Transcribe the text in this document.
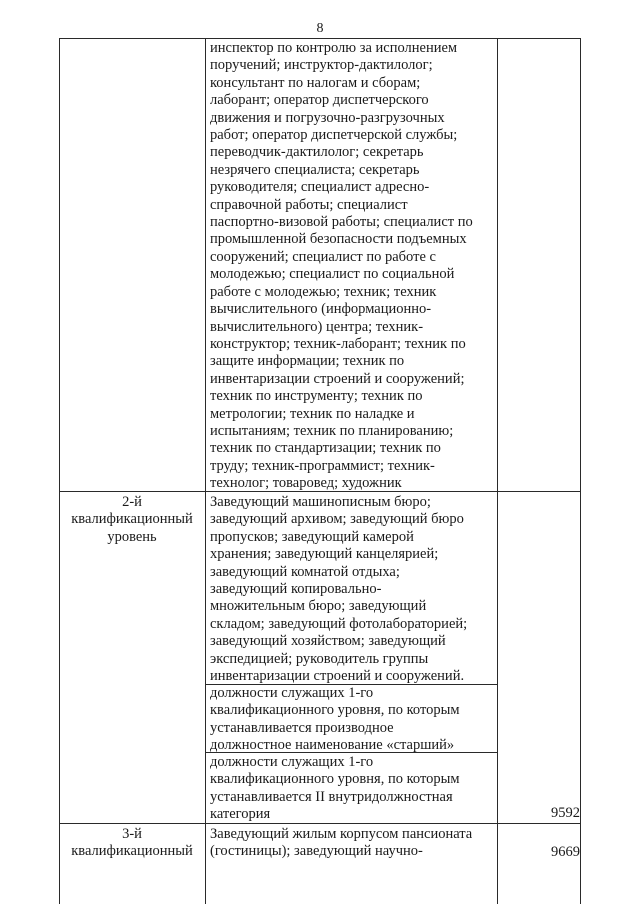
8
инспектор по контролю за исполнением
поручений; инструктор-дактилолог;
консультант по налогам и сборам;
лаборант; оператор диспетчерского
движения и погрузочно-разгрузочных
работ; оператор диспетчерской службы;
переводчик-дактилолог; секретарь
незрячего специалиста; секретарь
руководителя; специалист адресно-
справочной работы; специалист
паспортно-визовой работы; специалист по
промышленной безопасности подъемных
сооружений; специалист по работе с
молодежью; специалист по социальной
работе с молодежью; техник; техник
вычислительного (информационно-
вычислительного) центра; техник-
конструктор; техник-лаборант; техник по
защите информации; техник по
инвентаризации строений и сооружений;
техник по инструменту; техник по
метрологии; техник по наладке и
испытаниям; техник по планированию;
техник по стандартизации; техник по
труду; техник-программист; техник-
технолог; товаровед; художник
2-й
квалификационный
уровень
Заведующий машинописным бюро;
заведующий архивом; заведующий бюро
пропусков; заведующий камерой
хранения; заведующий канцелярией;
заведующий комнатой отдыха;
заведующий копировально-
множительным бюро; заведующий
складом; заведующий фотолабораторией;
заведующий хозяйством; заведующий
экспедицией; руководитель группы
инвентаризации строений и сооружений.
должности служащих 1-го
квалификационного уровня, по которым
устанавливается производное
должностное наименование «старший»
должности служащих 1-го
квалификационного уровня, по которым
устанавливается II внутридолжностная
категория	9592
3-й
квалификационный
Заведующий жилым корпусом пансионата
(гостиницы); заведующий научно-	9669
